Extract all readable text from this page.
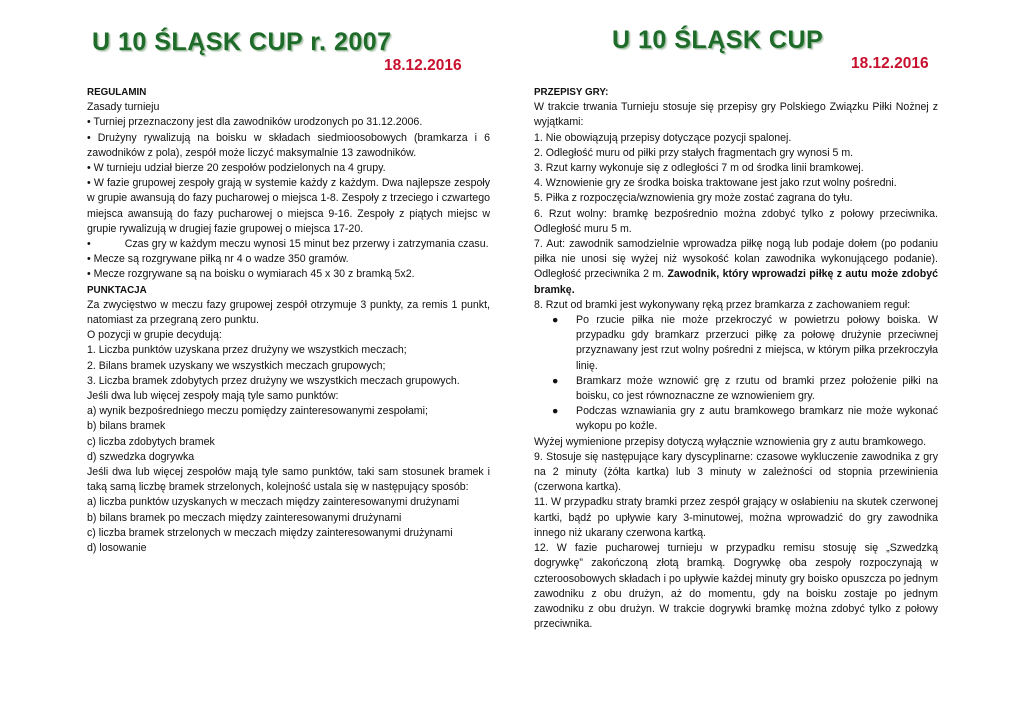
U 10 ŚLĄSK CUP r. 2007
18.12.2016

REGULAMIN

Zasady turnieju

• Turniej przeznaczony jest dla zawodników urodzonych po 31.12.2006.

• Drużyny rywalizują na boisku w składach siedmioosobowych (bramkarza i 6 zawodników z pola), zespół może liczyć maksymalnie 13 zawodników.

• W turnieju udział bierze 20 zespołów podzielonych na 4 grupy.

• W fazie grupowej zespoły grają w systemie każdy z każdym. Dwa najlepsze zespoły w grupie awansują do fazy pucharowej o miejsca 1-8. Zespoły z trzeciego i czwartego miejsca awansują do fazy pucharowej o miejsca 9-16. Zespoły z piątych miejsc w grupie rywalizują w drugiej fazie grupowej o miejsca 17-20.

•	Czas gry w każdym meczu wynosi 15 minut bez przerwy i zatrzymania czasu.

• Mecze są rozgrywane piłką nr 4 o wadze 350 gramów.

• Mecze rozgrywane są na boisku o wymiarach 45 x 30 z bramką 5x2.

PUNKTACJA

Za zwycięstwo w meczu fazy grupowej zespół otrzymuje 3 punkty, za remis 1 punkt, natomiast za przegraną zero punktu.

O pozycji w grupie decydują:

1. Liczba punktów uzyskana przez drużyny we wszystkich meczach;

2. Bilans bramek uzyskany we wszystkich meczach grupowych;

3. Liczba bramek zdobytych przez drużyny we wszystkich meczach grupowych.

Jeśli dwa lub więcej zespoły mają tyle samo punktów:

a) wynik bezpośredniego meczu pomiędzy zainteresowanymi zespołami;

b) bilans bramek

c) liczba zdobytych bramek

d) szwedzka dogrywka

Jeśli dwa lub więcej zespołów mają tyle samo punktów, taki sam stosunek bramek i taką samą liczbę bramek strzelonych, kolejność ustala się w następujący sposób:

a) liczba punktów uzyskanych w meczach między zainteresowanymi drużynami

b) bilans bramek po meczach między zainteresowanymi drużynami

c) liczba bramek strzelonych w meczach między zainteresowanymi drużynami

d) losowanie

U 10 ŚLĄSK CUP
18.12.2016

PRZEPISY GRY:

W trakcie trwania Turnieju stosuje się przepisy gry Polskiego Związku Piłki Nożnej z wyjątkami:

1. Nie obowiązują przepisy dotyczące pozycji spalonej.

2. Odległość muru od piłki przy stałych fragmentach gry wynosi 5 m.

3. Rzut karny wykonuje się z odległości 7 m od środka linii bramkowej.

4. Wznowienie gry ze środka boiska traktowane jest jako rzut wolny pośredni.

5. Piłka z rozpoczęcia/wznowienia gry może zostać zagrana do tyłu.

6. Rzut wolny: bramkę bezpośrednio można zdobyć tylko z połowy przeciwnika. Odległość muru 5 m.

7. Aut: zawodnik samodzielnie wprowadza piłkę nogą lub podaje dołem (po podaniu piłka nie unosi się wyżej niż wysokość kolan zawodnika wykonującego podanie). Odległość przeciwnika 2 m. Zawodnik, który wprowadzi piłkę z autu może zdobyć bramkę.

8. Rzut od bramki jest wykonywany ręką przez bramkarza z zachowaniem reguł:

● Po rzucie piłka nie może przekroczyć w powietrzu połowy boiska. W przypadku gdy bramkarz przerzuci piłkę za połowę drużynie przeciwnej przyznawany jest rzut wolny pośredni z miejsca, w którym piłka przekroczyła linię.
● Bramkarz może wznowić grę z rzutu od bramki przez położenie piłki na boisku, co jest równoznaczne ze wznowieniem gry.
● Podczas wznawiania gry z autu bramkowego bramkarz nie może wykonać wykopu po koźle.

Wyżej wymienione przepisy dotyczą wyłącznie wznowienia gry z autu bramkowego.

9. Stosuje się następujące kary dyscyplinarne: czasowe wykluczenie zawodnika z gry na 2 minuty (żółta kartka) lub 3 minuty w zależności od stopnia przewinienia (czerwona kartka).

11. W przypadku straty bramki przez zespół grający w osłabieniu na skutek czerwonej kartki, bądź po upływie kary 3-minutowej, można wprowadzić do gry zawodnika innego niż ukarany czerwona kartką.

12. W fazie pucharowej turnieju w przypadku remisu stosuję się „Szwedzką dogrywkę” zakończoną złotą bramką. Dogrywkę oba zespoły rozpoczynają w czteroosobowych składach i po upływie każdej minuty gry boisko opuszcza po jednym zawodniku z obu drużyn, aż do momentu, gdy na boisku zostaje po jednym zawodniku z obu drużyn. W trakcie dogrywki bramkę można zdobyć tylko z połowy przeciwnika.
